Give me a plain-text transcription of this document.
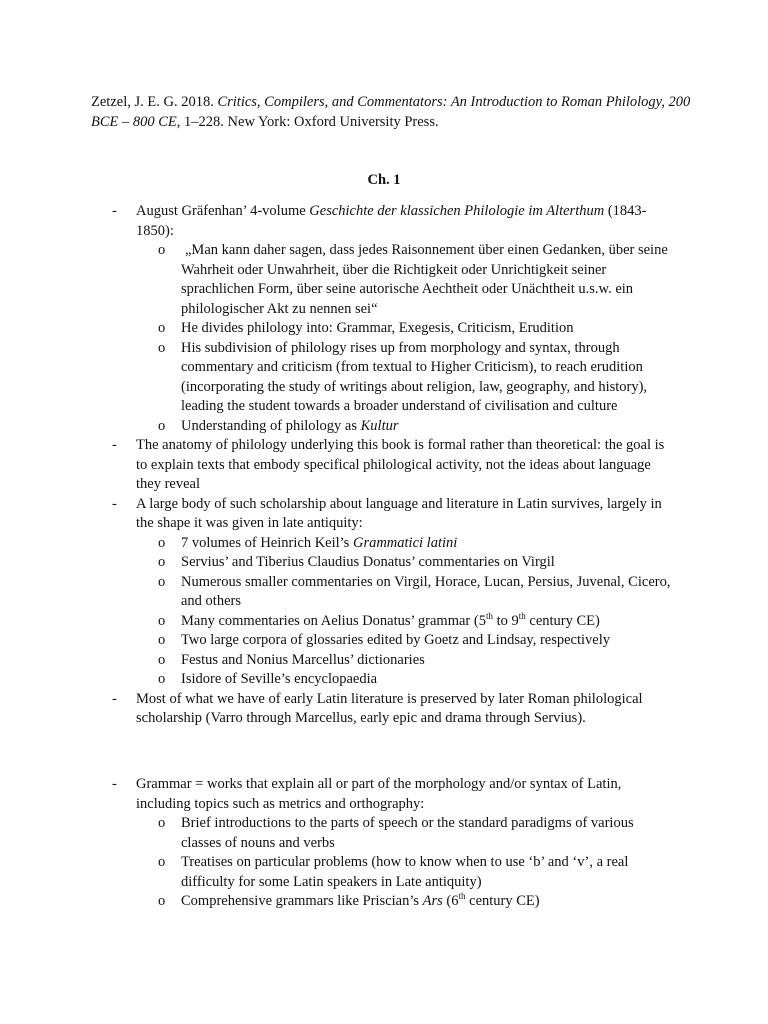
Zetzel, J. E. G. 2018. Critics, Compilers, and Commentators: An Introduction to Roman Philology, 200 BCE – 800 CE, 1–228. New York: Oxford University Press.

Ch. 1
- August Gräfenhan’ 4-volume Geschichte der klassichen Philologie im Alterthum (1843-1850):
o „Man kann daher sagen, dass jedes Raisonnement über einen Gedanken, über seine Wahrheit oder Unwahrheit, über die Richtigkeit oder Unrichtigkeit seiner sprachlichen Form, über seine autorische Aechtheit oder Unächtheit u.s.w. ein philologischer Akt zu nennen sei“
o He divides philology into: Grammar, Exegesis, Criticism, Erudition
o His subdivision of philology rises up from morphology and syntax, through commentary and criticism (from textual to Higher Criticism), to reach erudition (incorporating the study of writings about religion, law, geography, and history), leading the student towards a broader understand of civilisation and culture
o Understanding of philology as Kultur
- The anatomy of philology underlying this book is formal rather than theoretical: the goal is to explain texts that embody specifical philological activity, not the ideas about language they reveal
- A large body of such scholarship about language and literature in Latin survives, largely in the shape it was given in late antiquity:
o 7 volumes of Heinrich Keil’s Grammatici latini
o Servius’ and Tiberius Claudius Donatus’ commentaries on Virgil
o Numerous smaller commentaries on Virgil, Horace, Lucan, Persius, Juvenal, Cicero, and others
o Many commentaries on Aelius Donatus’ grammar (5th to 9th century CE)
o Two large corpora of glossaries edited by Goetz and Lindsay, respectively
o Festus and Nonius Marcellus’ dictionaries
o Isidore of Seville’s encyclopaedia
- Most of what we have of early Latin literature is preserved by later Roman philological scholarship (Varro through Marcellus, early epic and drama through Servius).
- Grammar = works that explain all or part of the morphology and/or syntax of Latin, including topics such as metrics and orthography:
o Brief introductions to the parts of speech or the standard paradigms of various classes of nouns and verbs
o Treatises on particular problems (how to know when to use ‘b’ and ‘v’, a real difficulty for some Latin speakers in Late antiquity)
o Comprehensive grammars like Priscian’s Ars (6th century CE)
